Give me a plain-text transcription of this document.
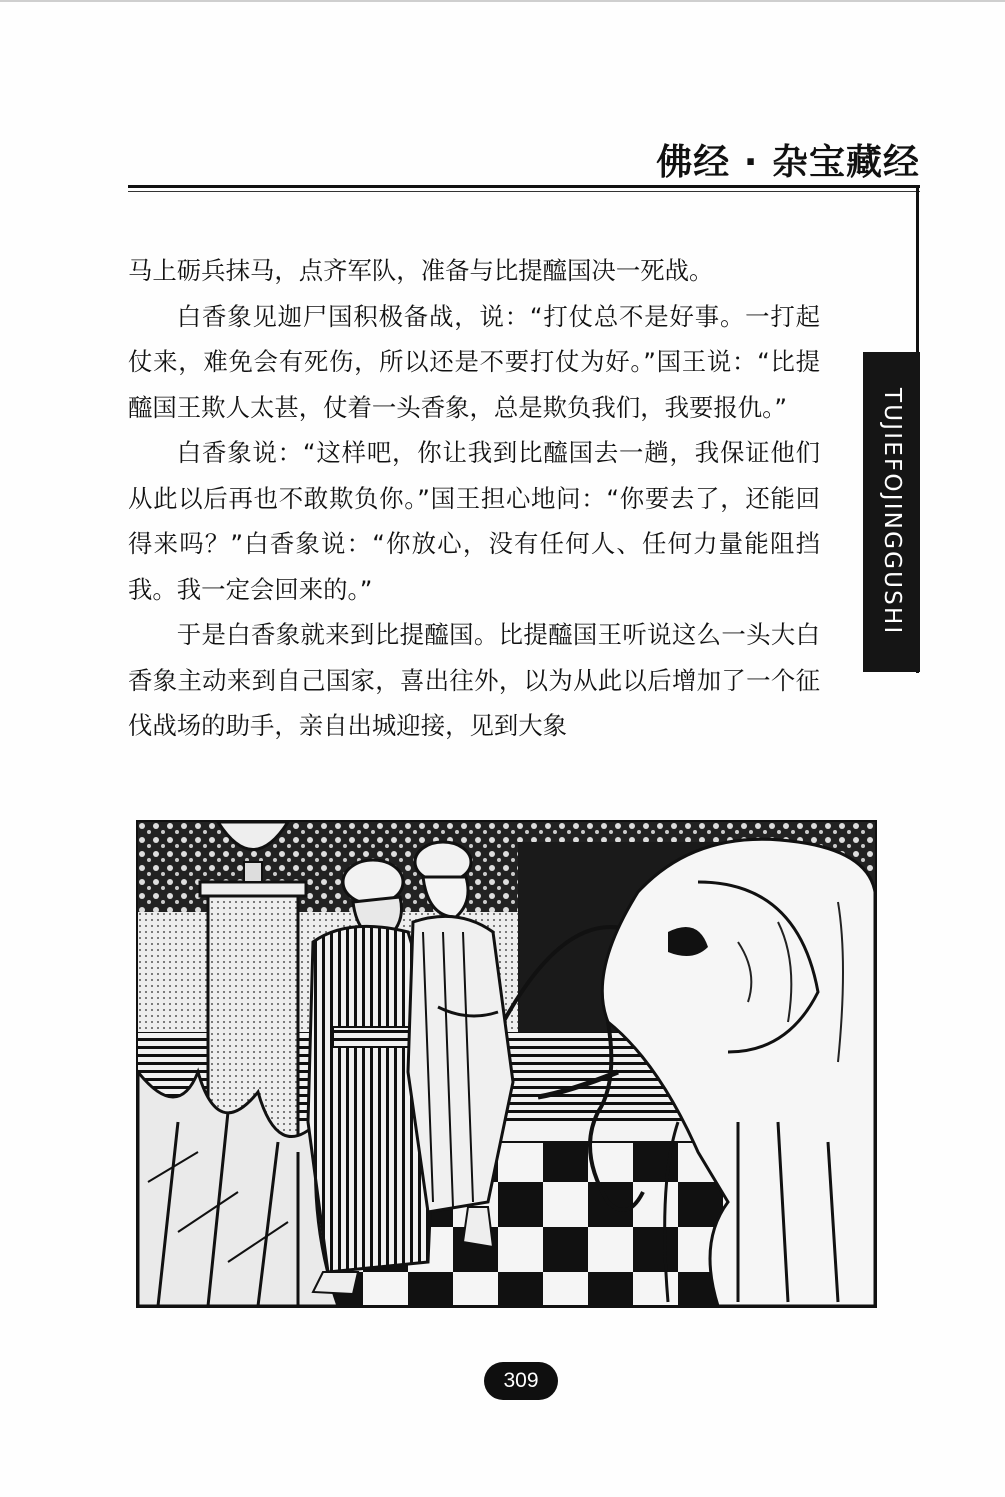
佛经 · 杂宝藏经
TUJIEFOJINGGUSHI

马上砺兵抹马，点齐军队，准备与比提醯国决一死战。

白香象见迦尸国积极备战，说：“打仗总不是好事。一打起仗来，难免会有死伤，所以还是不要打仗为好。”国王说：“比提醯国王欺人太甚，仗着一头香象，总是欺负我们，我要报仇。”

白香象说：“这样吧，你让我到比醯国去一趟，我保证他们从此以后再也不敢欺负你。”国王担心地问：“你要去了，还能回得来吗？”白香象说：“你放心，没有任何人、任何力量能阻挡我。我一定会回来的。”

于是白香象就来到比提醯国。比提醯国王听说这么一头大白香象主动来到自己国家，喜出往外，以为从此以后增加了一个征伐战场的助手，亲自出城迎接，见到大象

309
